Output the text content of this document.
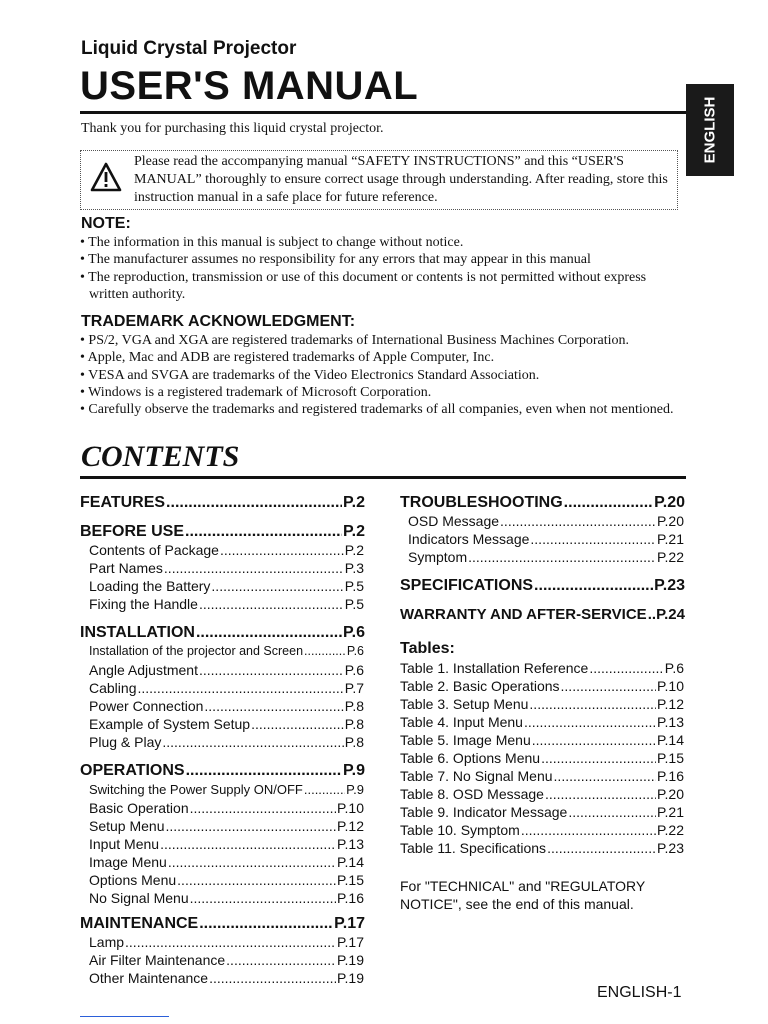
Liquid Crystal Projector
USER'S MANUAL
ENGLISH
Thank you for purchasing this liquid crystal projector.
Please read the accompanying manual “SAFETY INSTRUCTIONS” and this “USER'S MANUAL” thoroughly to ensure correct usage through understanding. After reading, store this instruction manual in a safe place for future reference.
NOTE:
• The information in this manual is subject to change without notice.
• The manufacturer assumes no responsibility for any errors that may appear in this manual
• The reproduction, transmission or use of this document or contents is not permitted without express written authority.
TRADEMARK ACKNOWLEDGMENT:
• PS/2, VGA and XGA are registered trademarks of International Business Machines Corporation.
• Apple, Mac and ADB are registered trademarks of Apple Computer, Inc.
• VESA and SVGA are trademarks of the Video Electronics Standard Association.
• Windows is a registered trademark of Microsoft Corporation.
• Carefully observe the trademarks and registered trademarks of all companies, even when not mentioned.
CONTENTS
FEATURES .....	P.2
BEFORE USE .....	P.2
Contents of Package .....	P.2
Part Names .....	P.3
Loading the Battery .....	P.5
Fixing the Handle .....	P.5
INSTALLATION .....	P.6
Installation of the projector and Screen .....	P.6
Angle Adjustment .....	P.6
Cabling .....	P.7
Power Connection .....	P.8
Example of System Setup .....	P.8
Plug & Play .....	P.8
OPERATIONS .....	P.9
Switching the Power Supply ON/OFF .....	P.9
Basic Operation .....	P.10
Setup Menu .....	P.12
Input Menu .....	P.13
Image Menu .....	P.14
Options Menu .....	P.15
No Signal Menu .....	P.16
MAINTENANCE .....	P.17
Lamp .....	P.17
Air Filter Maintenance .....	P.19
Other Maintenance .....	P.19
TROUBLESHOOTING .....	P.20
OSD Message .....	P.20
Indicators Message .....	P.21
Symptom .....	P.22
SPECIFICATIONS .....	P.23
WARRANTY AND AFTER-SERVICE ..... P.24
Tables:
Table 1. Installation Reference .....	P.6
Table 2. Basic Operations .....	P.10
Table 3. Setup Menu .....	P.12
Table 4. Input Menu .....	P.13
Table 5. Image Menu .....	P.14
Table 6. Options Menu .....	P.15
Table 7. No Signal Menu .....	P.16
Table 8. OSD Message .....	P.20
Table 9. Indicator Message .....	P.21
Table 10. Symptom .....	P.22
Table 11. Specifications .....	P.23
For "TECHNICAL" and "REGULATORY NOTICE", see the end of this manual.
ENGLISH-1
